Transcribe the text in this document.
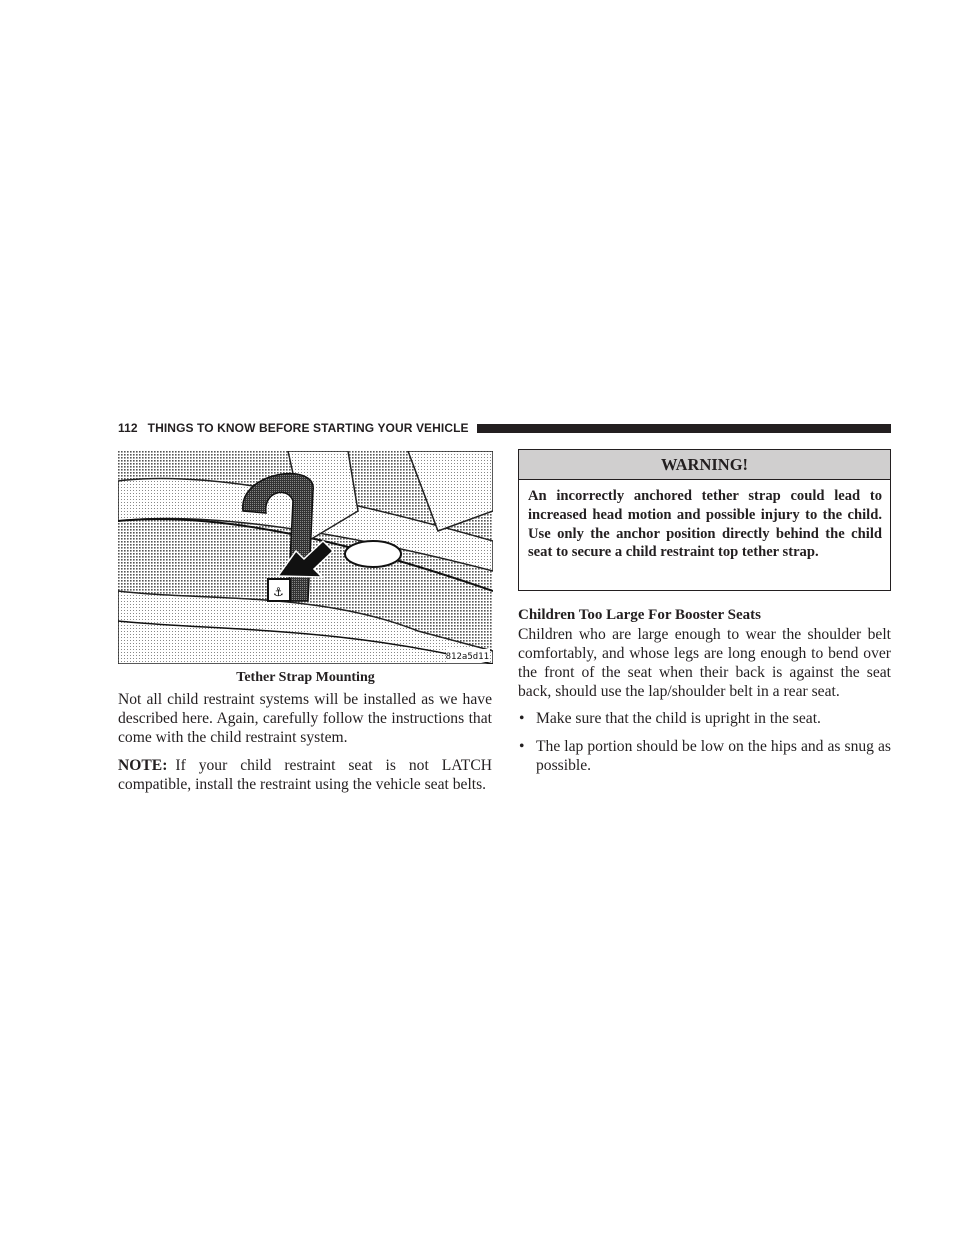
112 THINGS TO KNOW BEFORE STARTING YOUR VEHICLE
⚓
812a5d11
Tether Strap Mounting

Not all child restraint systems will be installed as we have described here. Again, carefully follow the instructions that come with the child restraint system.

NOTE: If your child restraint seat is not LATCH compatible, install the restraint using the vehicle seat belts.

WARNING!
An incorrectly anchored tether strap could lead to increased head motion and possible injury to the child. Use only the anchor position directly behind the child seat to secure a child restraint top tether strap.
Children Too Large For Booster Seats

Children who are large enough to wear the shoulder belt comfortably, and whose legs are long enough to bend over the front of the seat when their back is against the seat back, should use the lap/shoulder belt in a rear seat.

• Make sure that the child is upright in the seat.
• The lap portion should be low on the hips and as snug as possible.
